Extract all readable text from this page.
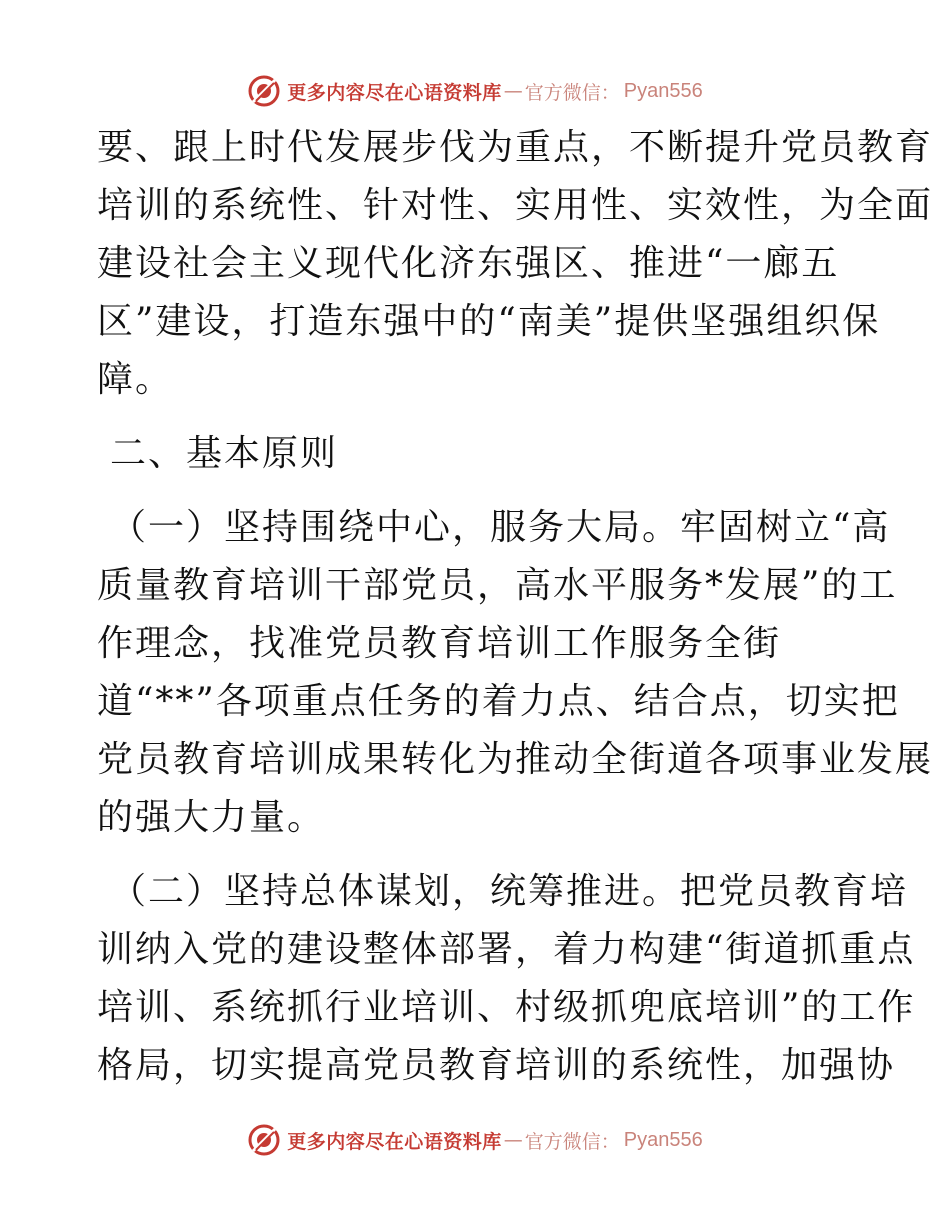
更多内容尽在心语资料库 — 官方微信： Pyan556
要、跟上时代发展步伐为重点，不断提升党员教育
培训的系统性、针对性、实用性、实效性，为全面
建设社会主义现代化济东强区、推进“一廊五
区”建设，打造东强中的“南美”提供坚强组织保
障。
二、基本原则
（一）坚持围绕中心，服务大局。牢固树立“高
质量教育培训干部党员，高水平服务*发展”的工
作理念，找准党员教育培训工作服务全街
道“**”各项重点任务的着力点、结合点，切实把
党员教育培训成果转化为推动全街道各项事业发展
的强大力量。
（二）坚持总体谋划，统筹推进。把党员教育培
训纳入党的建设整体部署，着力构建“街道抓重点
培训、系统抓行业培训、村级抓兜底培训”的工作
格局，切实提高党员教育培训的系统性，加强协
更多内容尽在心语资料库 — 官方微信： Pyan556
